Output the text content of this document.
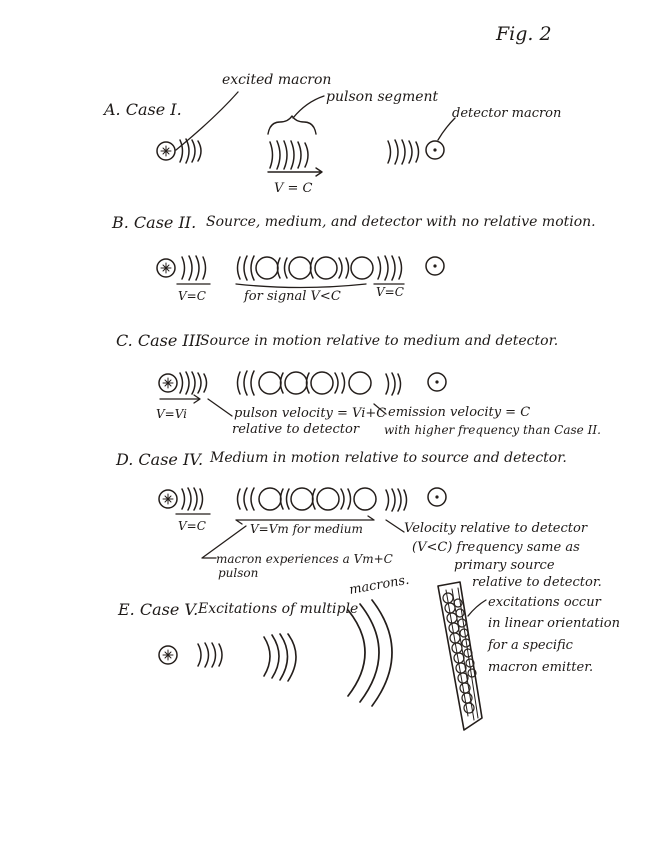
Fig. 2
A. Case I.
excited macron
pulson segment
detector macron
V = C
B. Case II. Source, medium, and detector with no relative motion.
V=C	for signal V<C	V=C
C. Case III
Source in motion relative to medium and detector.
V=Vi	pulson velocity = Vi+C
relative to detector
emission velocity = C
with higher frequency than Case II.
D. Case IV. Medium in motion relative to source and detector.
V=C	V=Vm for medium
macron experiences a Vm+C
pulson
Velocity relative to detector
(V<C) frequency same as
primary source
relative to detector.
E. Case V. Excitations of multiple
macrons.
excitations occur
in linear orientation
for a specific
macron emitter.
